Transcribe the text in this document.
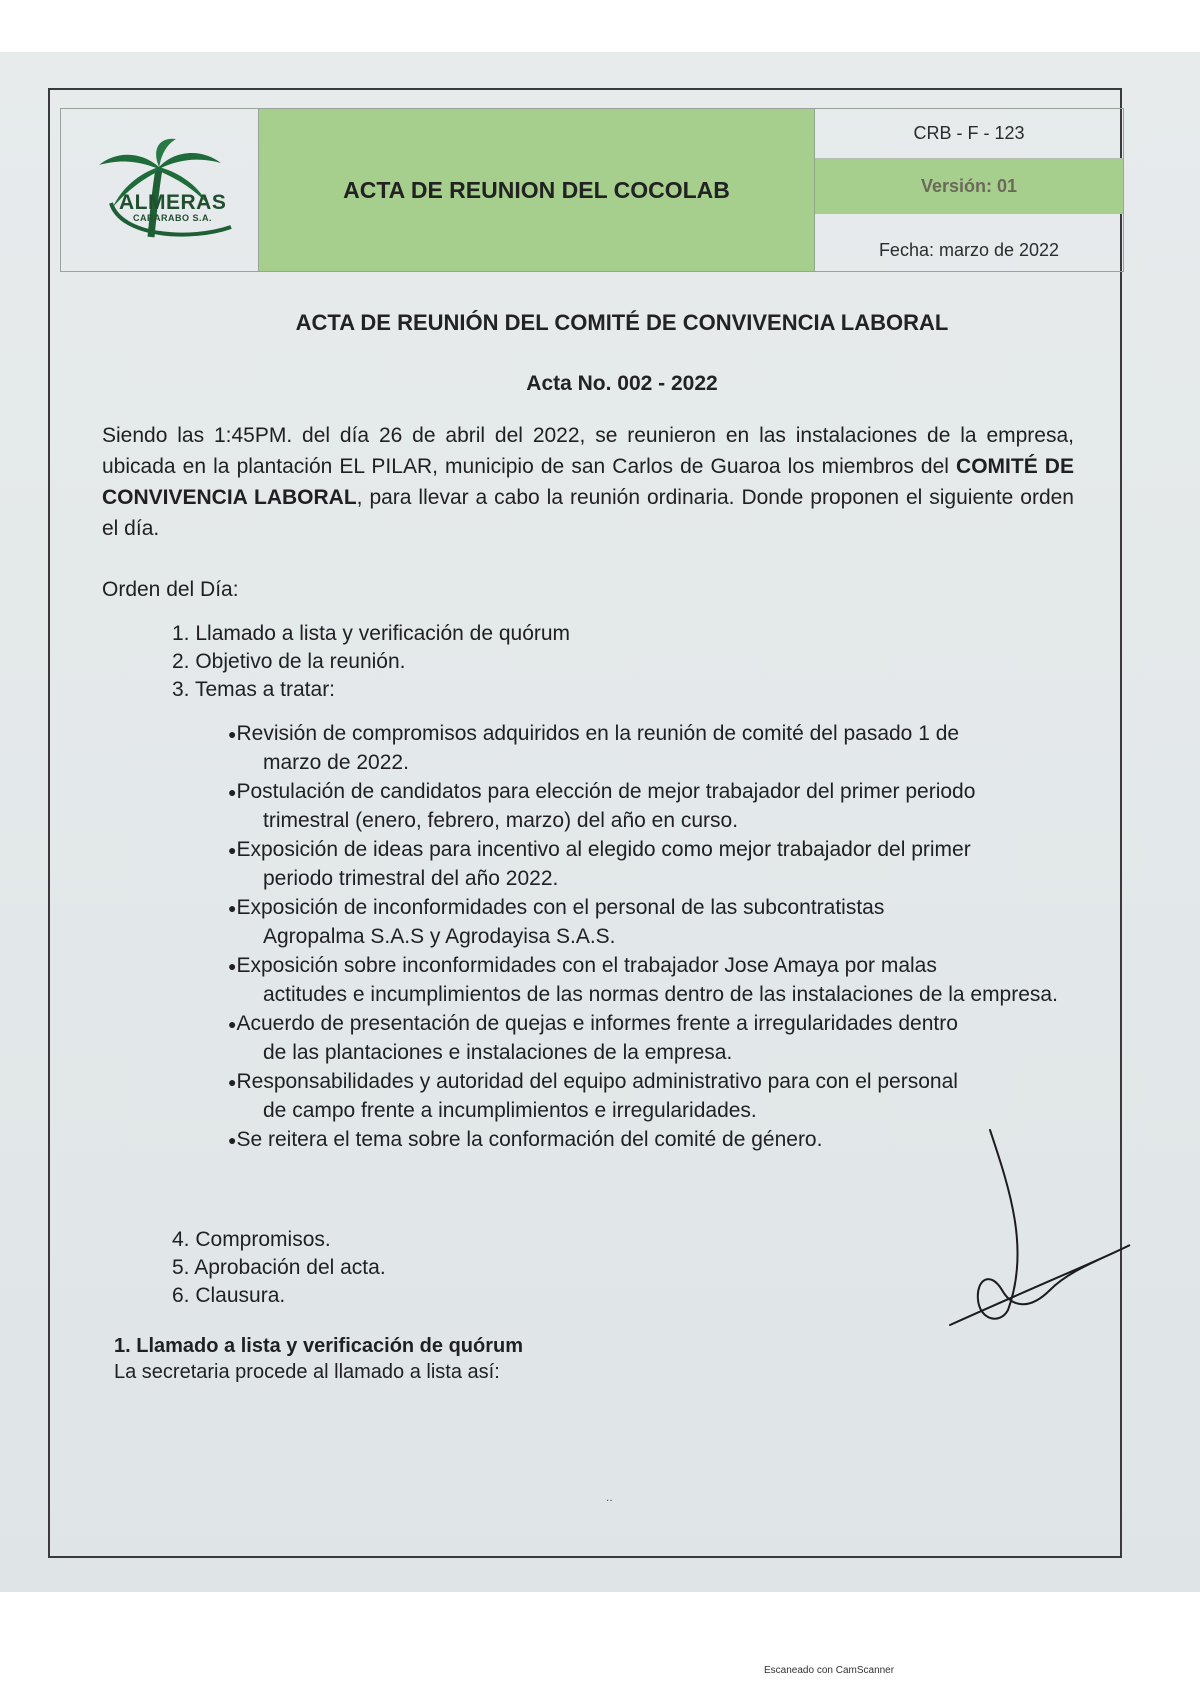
ALMERAS
CARARABO S.A.
ACTA DE REUNION DEL COCOLAB
CRB - F - 123
Versión: 01
Fecha: marzo de 2022
ACTA DE REUNIÓN DEL COMITÉ DE CONVIVENCIA LABORAL
Acta No. 002 - 2022
Siendo las 1:45PM. del día 26 de abril del 2022, se reunieron en las instalaciones de la empresa, ubicada en la plantación EL PILAR, municipio de san Carlos de Guaroa los miembros del COMITÉ DE CONVIVENCIA LABORAL, para llevar a cabo la reunión ordinaria. Donde proponen el siguiente orden el día.
Orden del Día:
1. Llamado a lista y verificación de quórum
2. Objetivo de la reunión.
3. Temas a tratar:
4. Compromisos.
5. Aprobación del acta.
6. Clausura.
●Revisión de compromisos adquiridos en la reunión de comité del pasado 1 de
marzo de 2022.
●Postulación de candidatos para elección de mejor trabajador del primer periodo
trimestral (enero, febrero, marzo) del año en curso.
●Exposición de ideas para incentivo al elegido como mejor trabajador del primer
periodo trimestral del año 2022.
●Exposición de inconformidades con el personal de las subcontratistas
Agropalma S.A.S y Agrodayisa S.A.S.
●Exposición sobre inconformidades con el trabajador Jose Amaya por malas
actitudes e incumplimientos de las normas dentro de las instalaciones de la empresa.
●Acuerdo de presentación de quejas e informes frente a irregularidades dentro
de las plantaciones e instalaciones de la empresa.
●Responsabilidades y autoridad del equipo administrativo para con el personal
de campo frente a incumplimientos e irregularidades.
●Se reitera el tema sobre la conformación del comité de género.
1. Llamado a lista y verificación de quórum
La secretaria procede al llamado a lista así:
..
Escaneado con CamScanner
